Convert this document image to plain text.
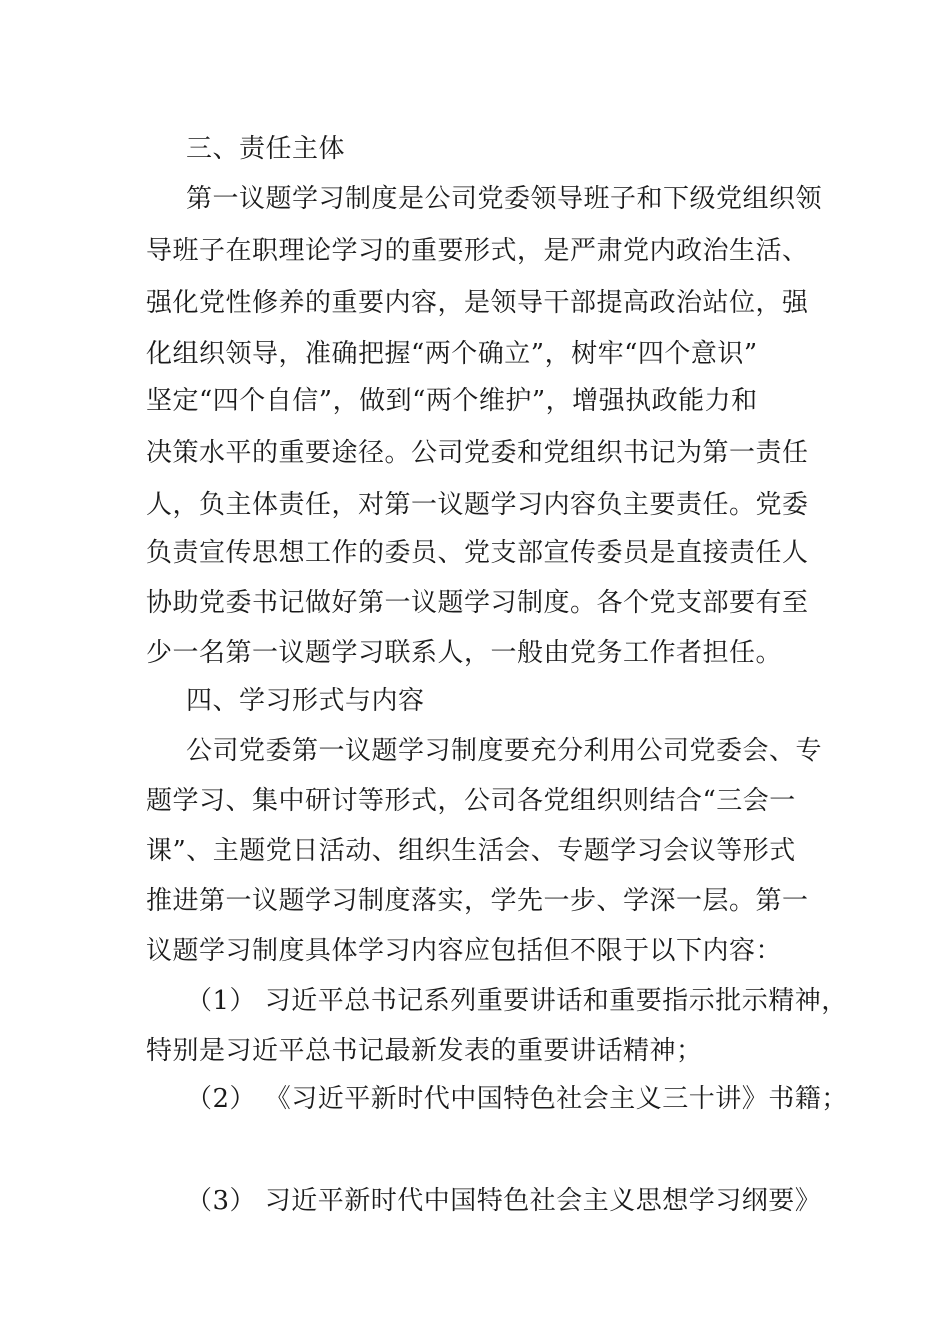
三、责任主体
第一议题学习制度是公司党委领导班子和下级党组织领
导班子在职理论学习的重要形式，是严肃党内政治生活、
强化党性修养的重要内容，是领导干部提高政治站位，强
化组织领导，准确把握“两个确立”，树牢“四个意识”
坚定“四个自信”，做到“两个维护”，增强执政能力和
决策水平的重要途径。公司党委和党组织书记为第一责任
人，负主体责任，对第一议题学习内容负主要责任。党委
负责宣传思想工作的委员、党支部宣传委员是直接责任人
协助党委书记做好第一议题学习制度。各个党支部要有至
少一名第一议题学习联系人，一般由党务工作者担任。
四、学习形式与内容
公司党委第一议题学习制度要充分利用公司党委会、专
题学习、集中研讨等形式，公司各党组织则结合“三会一
课”、主题党日活动、组织生活会、专题学习会议等形式
推进第一议题学习制度落实，学先一步、学深一层。第一
议题学习制度具体学习内容应包括但不限于以下内容：
（1） 习近平总书记系列重要讲话和重要指示批示精神，
特别是习近平总书记最新发表的重要讲话精神；
（2） 《习近平新时代中国特色社会主义三十讲》书籍；
（3） 习近平新时代中国特色社会主义思想学习纲要》
